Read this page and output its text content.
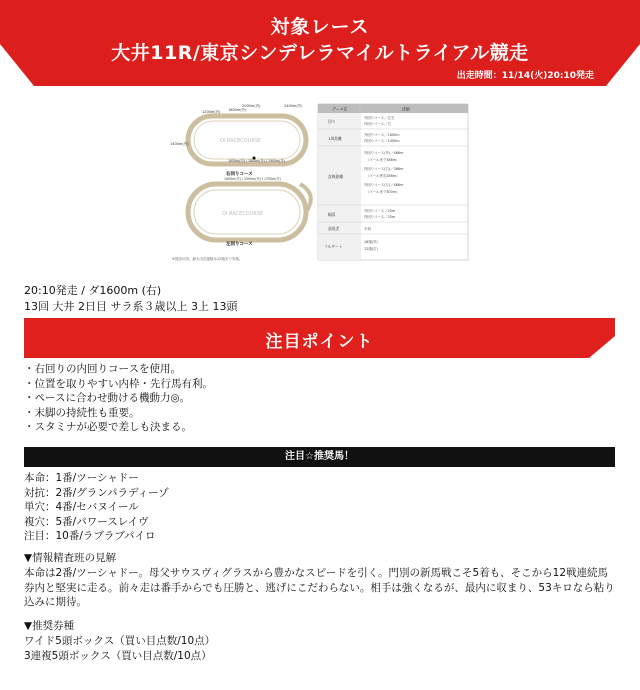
対象レース
大井11R/東京シンデレラマイルトライアル競走
出走時間：11/14(火)20:10発走
OI RACECOURSE
1200m(内) 1600m(外)
2000m(内)	2400m(外)
1400m(外)
1650m(内) / 1800m(外) / 1900m(外)
右回りコース
OI RACECOURSE
1000m(外) / 1500m(外) / 1700m(外)
左回りコース
※国語の図、最大出走頭数は12頭まで実施。
データ名	詳細
回り
1周距離
直線距離
幅員
高低差
フルゲート
外回りコース／左右
内回りコース／右
外回りコース／1600m
内回りコース／1400m
外回りコース(外)／486m
（ゴールまで386m）
内回りコース(右)／386m
（ゴール併走286m）
外回りコース(左)／486m
（ゴールまで300m）
外回りコース／25m
内回りコース／25m
平坦
16頭(外)
12頭(右)
20:10発走 / ダ1600m (右)
13回 大井 2日目 サラ系３歳以上 3上 13頭
注目ポイント
・右回りの内回りコースを使用。
・位置を取りやすい内枠・先行馬有利。
・ペースに合わせ動ける機動力◎。
・末脚の持続性も重要。
・スタミナが必要で差しも決まる。
注目☆推奨馬！
本命：1番/ツーシャドー
対抗：2番/グランパラディーゾ
単穴：4番/セバヌイール
複穴：5番/パワースレイヴ
注目：10番/ラブラブパイロ
▼情報精査班の見解
本命は2番/ツーシャドー。母父サウスヴィグラスから豊かなスピードを引く。門別の新馬戦こそ5着も、そこから12戦連続馬券内と堅実に走る。前々走は番手からでも圧勝と、逃げにこだわらない。相手は強くなるが、最内に収まり、53キロなら粘り込みに期待。
▼推奨券種
ワイド5頭ボックス（買い目点数/10点）
3連複5頭ボックス（買い目点数/10点）
